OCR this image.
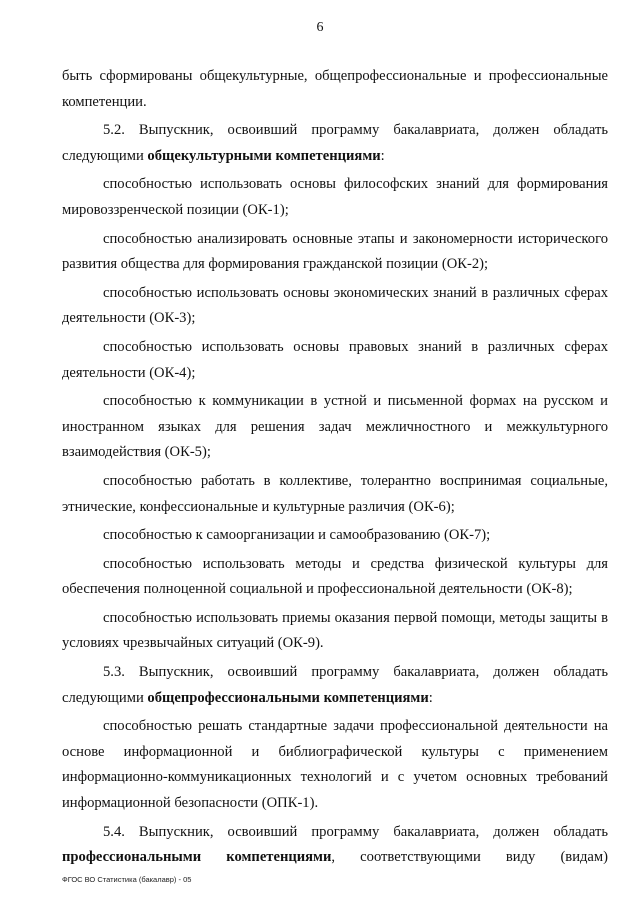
6

быть сформированы общекультурные, общепрофессиональные и профессиональные компетенции.

5.2. Выпускник, освоивший программу бакалавриата, должен обладать следующими общекультурными компетенциями:

способностью использовать основы философских знаний для формирования мировоззренческой позиции (ОК-1);

способностью анализировать основные этапы и закономерности исторического развития общества для формирования гражданской позиции (ОК-2);

способностью использовать основы экономических знаний в различных сферах деятельности (ОК-3);

способностью использовать основы правовых знаний в различных сферах деятельности (ОК-4);

способностью к коммуникации в устной и письменной формах на русском и иностранном языках для решения задач межличностного и межкультурного взаимодействия (ОК-5);

способностью работать в коллективе, толерантно воспринимая социальные, этнические, конфессиональные и культурные различия (ОК-6);

способностью к самоорганизации и самообразованию (ОК-7);

способностью использовать методы и средства физической культуры для обеспечения полноценной социальной и профессиональной деятельности (ОК-8);

способностью использовать приемы оказания первой помощи, методы защиты в условиях чрезвычайных ситуаций (ОК-9).

5.3. Выпускник, освоивший программу бакалавриата, должен обладать следующими общепрофессиональными компетенциями:

способностью решать стандартные задачи профессиональной деятельности на основе информационной и библиографической культуры с применением информационно-коммуникационных технологий и с учетом основных требований информационной безопасности (ОПК-1).

5.4. Выпускник, освоивший программу бакалавриата, должен обладать профессиональными компетенциями, соответствующими виду (видам)

ФГОС ВО Статистика (бакалавр) - 05
